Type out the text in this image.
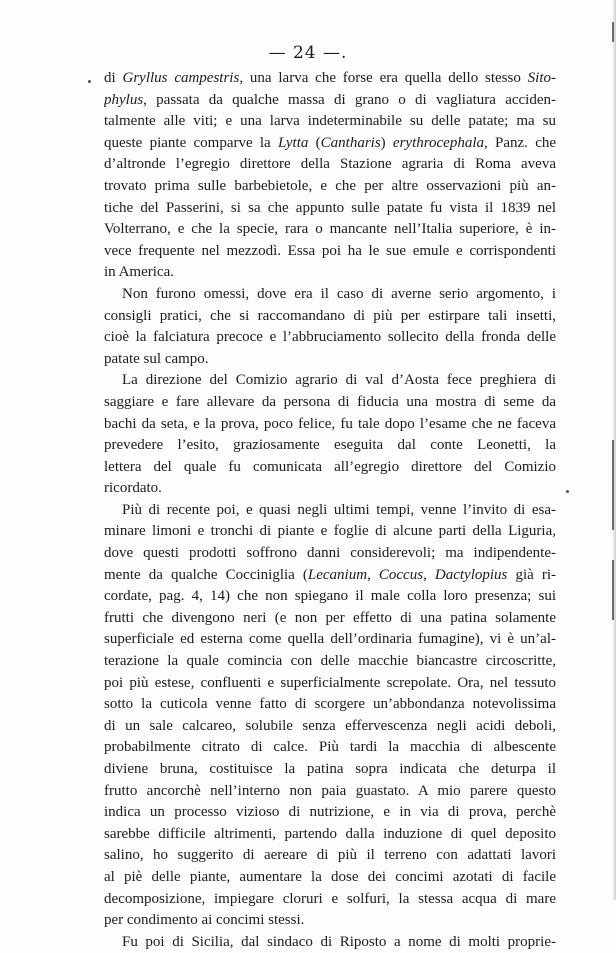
— 24 —.
di Gryllus campestris, una larva che forse era quella dello stesso Sito-
phylus, passata da qualche massa di grano o di vagliatura acciden-
talmente alle viti; e una larva indeterminabile su delle patate; ma su
queste piante comparve la Lytta (Cantharis) erythrocephala, Panz. che
d’altronde l’egregio direttore della Stazione agraria di Roma aveva
trovato prima sulle barbebietole, e che per altre osservazioni più an-
tiche del Passerini, si sa che appunto sulle patate fu vista il 1839 nel
Volterrano, e che la specie, rara o mancante nell’Italia superiore, è in-
vece frequente nel mezzodì. Essa poi ha le sue emule e corrispondenti
in America.
Non furono omessi, dove era il caso di averne serio argomento, i
consigli pratici, che si raccomandano di più per estirpare tali insetti,
cioè la falciatura precoce e l’abbruciamento sollecito della fronda delle
patate sul campo.
La direzione del Comizio agrario di val d’Aosta fece preghiera di
saggiare e fare allevare da persona di fiducia una mostra di seme da
bachi da seta, e la prova, poco felice, fu tale dopo l’esame che ne faceva
prevedere l’esito, graziosamente eseguita dal conte Leonetti, la
lettera del quale fu comunicata all’egregio direttore del Comizio
ricordato.
Più di recente poi, e quasi negli ultimi tempi, venne l’invito di esa-
minare limoni e tronchi di piante e foglie di alcune parti della Liguria,
dove questi prodotti soffrono danni considerevoli; ma indipendente-
mente da qualche Cocciniglia (Lecanium, Coccus, Dactylopius già ri-
cordate, pag. 4, 14) che non spiegano il male colla loro presenza; sui
frutti che divengono neri (e non per effetto di una patina solamente
superficiale ed esterna come quella dell’ordinaria fumagine), vi è un’al-
terazione la quale comincia con delle macchie biancastre circoscritte,
poi più estese, confluenti e superficialmente screpolate. Ora, nel tessuto
sotto la cuticola venne fatto di scorgere un’abbondanza notevolissima
di un sale calcareo, solubile senza effervescenza negli acidi deboli,
probabilmente citrato di calce. Più tardi la macchia di albescente
diviene bruna, costituisce la patina sopra indicata che deturpa il
frutto ancorchè nell’interno non paia guastato. A mio parere questo
indica un processo vizioso di nutrizione, e in via di prova, perchè
sarebbe difficile altrimenti, partendo dalla induzione di quel deposito
salino, ho suggerito di aereare di più il terreno con adattati lavori
al piè delle piante, aumentare la dose dei concimi azotati di facile
decomposizione, impiegare cloruri e solfuri, la stessa acqua di mare
per condimento ai concimi stessi.
Fu poi di Sicilia, dal sindaco di Riposto a nome di molti proprie-
